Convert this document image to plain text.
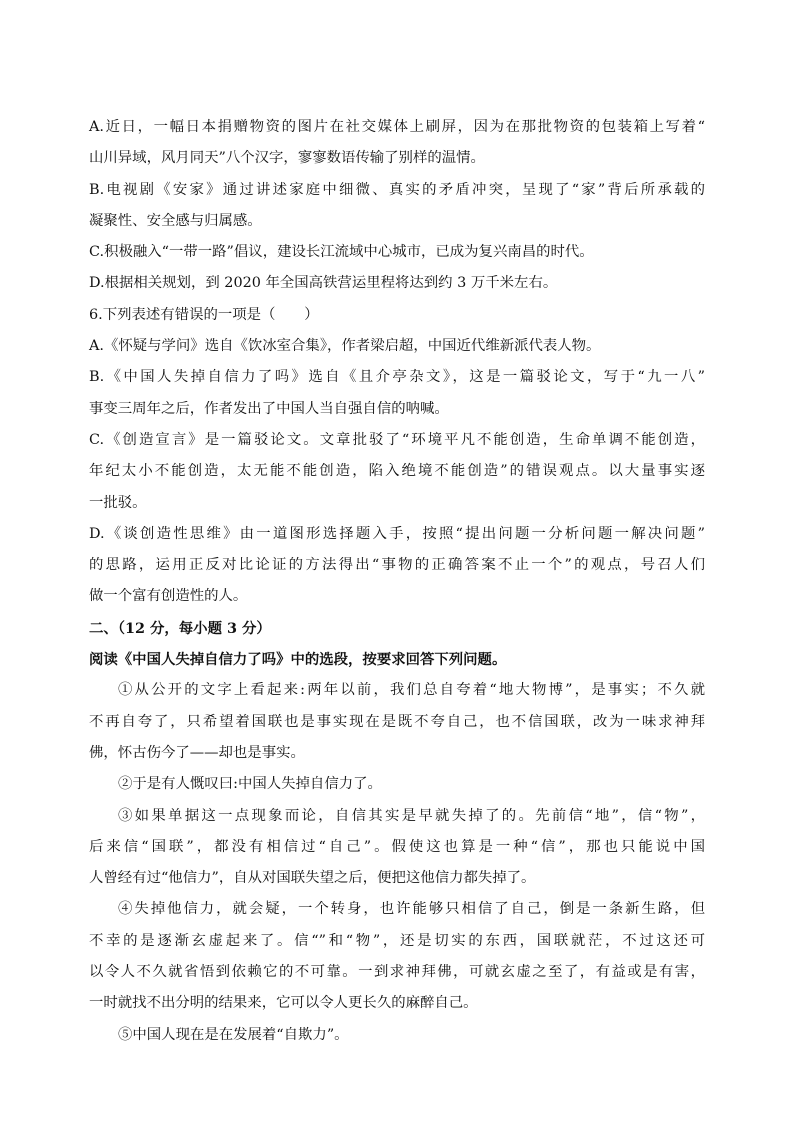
A.近日，一幅日本捐赠物资的图片在社交媒体上刷屏，因为在那批物资的包装箱上写着“
山川异域，风月同天”八个汉字，寥寥数语传输了别样的温情。
B.电视剧《安家》通过讲述家庭中细微、真实的矛盾冲突，呈现了“家”背后所承载的
凝聚性、安全感与归属感。
C.积极融入“一带一路”倡议，建设长江流域中心城市，已成为复兴南昌的时代。
D.根据相关规划，到 2020 年全国高铁营运里程将达到约 3 万千米左右。
6.下列表述有错误的一项是（　　）
A.《怀疑与学问》选自《饮冰室合集》，作者梁启超，中国近代维新派代表人物。
B.《中国人失掉自信力了吗》选自《且介亭杂文》，这是一篇驳论文，写于“九一八”
事变三周年之后，作者发出了中国人当自强自信的呐喊。
C.《创造宣言》是一篇驳论文。文章批驳了“环境平凡不能创造，生命单调不能创造，
年纪太小不能创造，太无能不能创造，陷入绝境不能创造”的错误观点。以大量事实逐
一批驳。
D.《谈创造性思维》由一道图形选择题入手，按照“提出问题一分析问题一解决问题”
的思路，运用正反对比论证的方法得出“事物的正确答案不止一个”的观点，号召人们
做一个富有创造性的人。
二、（12 分，每小题 3 分）
阅读《中国人失掉自信力了吗》中的选段，按要求回答下列问题。
①从公开的文字上看起来:两年以前，我们总自夸着“地大物博”，是事实；不久就
不再自夸了，只希望着国联也是事实现在是既不夸自己，也不信国联，改为一味求神拜
佛，怀古伤今了——却也是事实。
②于是有人慨叹曰:中国人失掉自信力了。
③如果单据这一点现象而论，自信其实是早就失掉了的。先前信“地”，信“物”，
后来信“国联”，都没有相信过“自己”。假使这也算是一种“信”，那也只能说中国
人曾经有过“他信力”，自从对国联失望之后，便把这他信力都失掉了。
④失掉他信力，就会疑，一个转身，也许能够只相信了自己，倒是一条新生路，但
不幸的是逐渐玄虚起来了。信“”和“物”，还是切实的东西，国联就茫，不过这还可
以令人不久就省悟到依赖它的不可靠。一到求神拜佛，可就玄虚之至了，有益或是有害，
一时就找不出分明的结果来，它可以令人更长久的麻醉自己。
⑤中国人现在是在发展着“自欺力”。
